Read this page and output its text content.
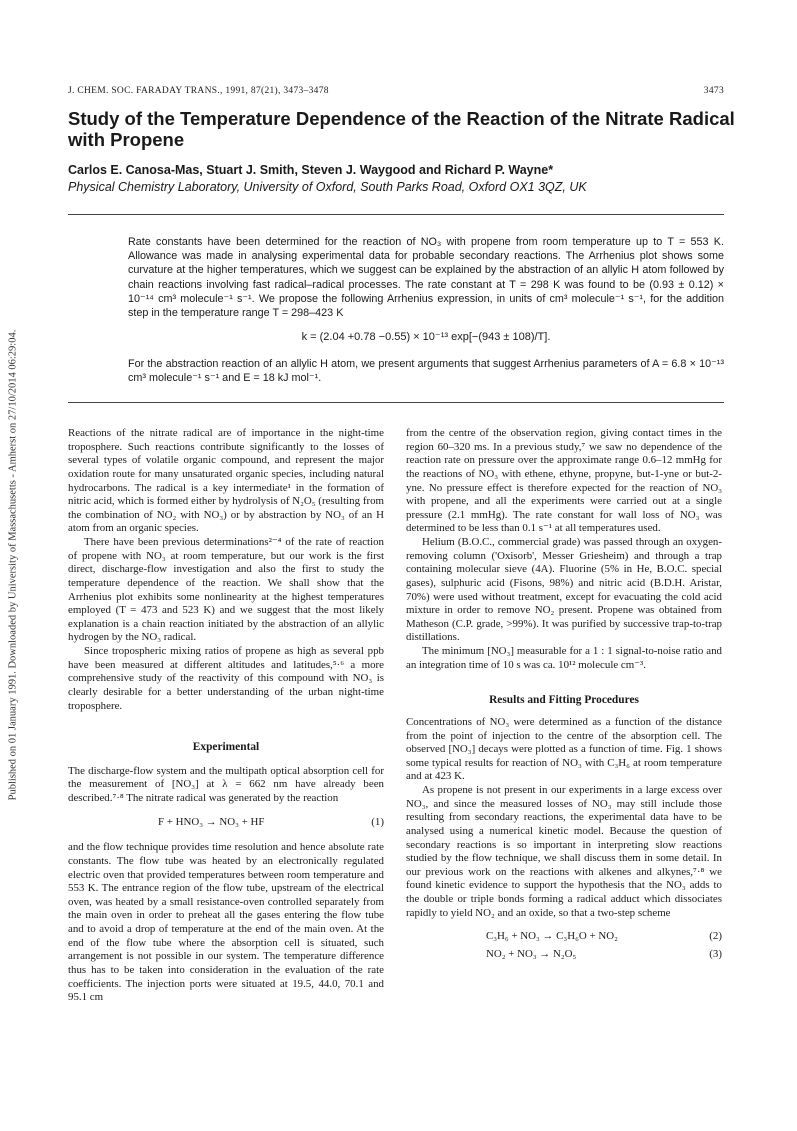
Published on 01 January 1991. Downloaded by University of Massachusetts - Amherst on 27/10/2014 06:29:04.
J. CHEM. SOC. FARADAY TRANS., 1991, 87(21), 3473–3478	3473
Study of the Temperature Dependence of the Reaction of the Nitrate Radical with Propene

Carlos E. Canosa-Mas, Stuart J. Smith, Steven J. Waygood and Richard P. Wayne*

Physical Chemistry Laboratory, University of Oxford, South Parks Road, Oxford OX1 3QZ, UK

Rate constants have been determined for the reaction of NO₃ with propene from room temperature up to T = 553 K. Allowance was made in analysing experimental data for probable secondary reactions. The Arrhenius plot shows some curvature at the higher temperatures, which we suggest can be explained by the abstraction of an allylic H atom followed by chain reactions involving fast radical–radical processes. The rate constant at T = 298 K was found to be (0.93 ± 0.12) × 10⁻¹⁴ cm³ molecule⁻¹ s⁻¹. We propose the following Arrhenius expression, in units of cm³ molecule⁻¹ s⁻¹, for the addition step in the temperature range T = 298–423 K

k = (2.04 +0.78 −0.55) × 10⁻¹³ exp[−(943 ± 108)/T].

For the abstraction reaction of an allylic H atom, we present arguments that suggest Arrhenius parameters of A = 6.8 × 10⁻¹³ cm³ molecule⁻¹ s⁻¹ and E = 18 kJ mol⁻¹.

Reactions of the nitrate radical are of importance in the night-time troposphere. Such reactions contribute significantly to the losses of several types of volatile organic compound, and represent the major oxidation route for many unsaturated organic species, including natural hydrocarbons. The radical is a key intermediate¹ in the formation of nitric acid, which is formed either by hydrolysis of N₂O₅ (resulting from the combination of NO₂ with NO₃) or by abstraction by NO₃ of an H atom from an organic species.

There have been previous determinations²⁻⁴ of the rate of reaction of propene with NO₃ at room temperature, but our work is the first direct, discharge-flow investigation and also the first to study the temperature dependence of the reaction. We shall show that the Arrhenius plot exhibits some nonlinearity at the highest temperatures employed (T = 473 and 523 K) and we suggest that the most likely explanation is a chain reaction initiated by the abstraction of an allylic hydrogen by the NO₃ radical.

Since tropospheric mixing ratios of propene as high as several ppb have been measured at different altitudes and latitudes,⁵·⁶ a more comprehensive study of the reactivity of this compound with NO₃ is clearly desirable for a better understanding of the urban night-time troposphere.

Experimental

The discharge-flow system and the multipath optical absorption cell for the measurement of [NO₃] at λ = 662 nm have already been described.⁷·⁸ The nitrate radical was generated by the reaction

F + HNO₃ → NO₃ + HF	(1)

and the flow technique provides time resolution and hence absolute rate constants. The flow tube was heated by an electronically regulated electric oven that provided temperatures between room temperature and 553 K. The entrance region of the flow tube, upstream of the electrical oven, was heated by a small resistance-oven controlled separately from the main oven in order to preheat all the gases entering the flow tube and to avoid a drop of temperature at the end of the main oven. At the end of the flow tube where the absorption cell is situated, such arrangement is not possible in our system. The temperature difference thus has to be taken into consideration in the evaluation of the rate coefficients. The injection ports were situated at 19.5, 44.0, 70.1 and 95.1 cm

from the centre of the observation region, giving contact times in the region 60–320 ms. In a previous study,⁷ we saw no dependence of the reaction rate on pressure over the approximate range 0.6–12 mmHg for the reactions of NO₃ with ethene, ethyne, propyne, but-1-yne or but-2-yne. No pressure effect is therefore expected for the reaction of NO₃ with propene, and all the experiments were carried out at a single pressure (2.1 mmHg). The rate constant for wall loss of NO₃ was determined to be less than 0.1 s⁻¹ at all temperatures used.

Helium (B.O.C., commercial grade) was passed through an oxygen-removing column ('Oxisorb', Messer Griesheim) and through a trap containing molecular sieve (4A). Fluorine (5% in He, B.O.C. special gases), sulphuric acid (Fisons, 98%) and nitric acid (B.D.H. Aristar, 70%) were used without treatment, except for evacuating the cold acid mixture in order to remove NO₂ present. Propene was obtained from Matheson (C.P. grade, >99%). It was purified by successive trap-to-trap distillations.

The minimum [NO₃] measurable for a 1 : 1 signal-to-noise ratio and an integration time of 10 s was ca. 10¹² molecule cm⁻³.

Results and Fitting Procedures

Concentrations of NO₃ were determined as a function of the distance from the point of injection to the centre of the absorption cell. The observed [NO₃] decays were plotted as a function of time. Fig. 1 shows some typical results for reaction of NO₃ with C₃H₆ at room temperature and at 423 K.

As propene is not present in our experiments in a large excess over NO₃, and since the measured losses of NO₃ may still include those resulting from secondary reactions, the experimental data have to be analysed using a numerical kinetic model. Because the question of secondary reactions is so important in interpreting slow reactions studied by the flow technique, we shall discuss them in some detail. In our previous work on the reactions with alkenes and alkynes,⁷·⁸ we found kinetic evidence to support the hypothesis that the NO₃ adds to the double or triple bonds forming a radical adduct which dissociates rapidly to yield NO₂ and an oxide, so that a two-step scheme

C₃H₆ + NO₃ → C₃H₆O + NO₂	(2)
NO₂ + NO₃ → N₂O₅	(3)
